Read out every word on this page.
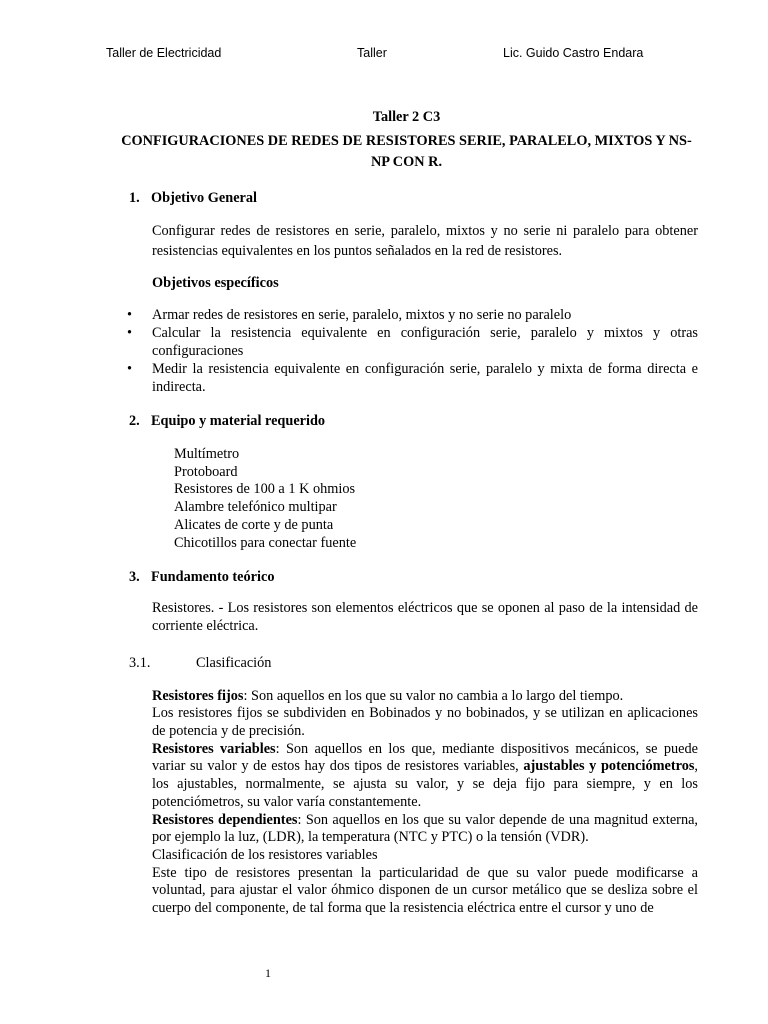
Taller de Electricidad	Taller	Lic. Guido Castro Endara

Taller 2 C3

CONFIGURACIONES DE REDES DE RESISTORES SERIE, PARALELO, MIXTOS Y NS-NP CON R.

1. Objetivo General

Configurar redes de resistores en serie, paralelo, mixtos y no serie ni paralelo para obtener resistencias equivalentes en los puntos señalados en la red de resistores.

Objetivos específicos

• Armar redes de resistores en serie, paralelo, mixtos y no serie no paralelo
• Calcular la resistencia equivalente en configuración serie, paralelo y mixtos y otras configuraciones
• Medir la resistencia equivalente en configuración serie, paralelo y mixta de forma directa e indirecta.
2. Equipo y material requerido
Multímetro
Protoboard
Resistores de 100 a 1 K ohmios
Alambre telefónico multipar
Alicates de corte y de punta
Chicotillos para conectar fuente
3. Fundamento teórico

Resistores. - Los resistores son elementos eléctricos que se oponen al paso de la intensidad de corriente eléctrica.

3.1.	Clasificación
Resistores fijos: Son aquellos en los que su valor no cambia a lo largo del tiempo.
Los resistores fijos se subdividen en Bobinados y no bobinados, y se utilizan en aplicaciones de potencia y de precisión.
Resistores variables: Son aquellos en los que, mediante dispositivos mecánicos, se puede variar su valor y de estos hay dos tipos de resistores variables, ajustables y potenciómetros, los ajustables, normalmente, se ajusta su valor, y se deja fijo para siempre, y en los potenciómetros, su valor varía constantemente.
Resistores dependientes: Son aquellos en los que su valor depende de una magnitud externa, por ejemplo la luz, (LDR), la temperatura (NTC y PTC) o la tensión (VDR).
Clasificación de los resistores variables
Este tipo de resistores presentan la particularidad de que su valor puede modificarse a voluntad, para ajustar el valor óhmico disponen de un cursor metálico que se desliza sobre el cuerpo del componente, de tal forma que la resistencia eléctrica entre el cursor y uno de
1
